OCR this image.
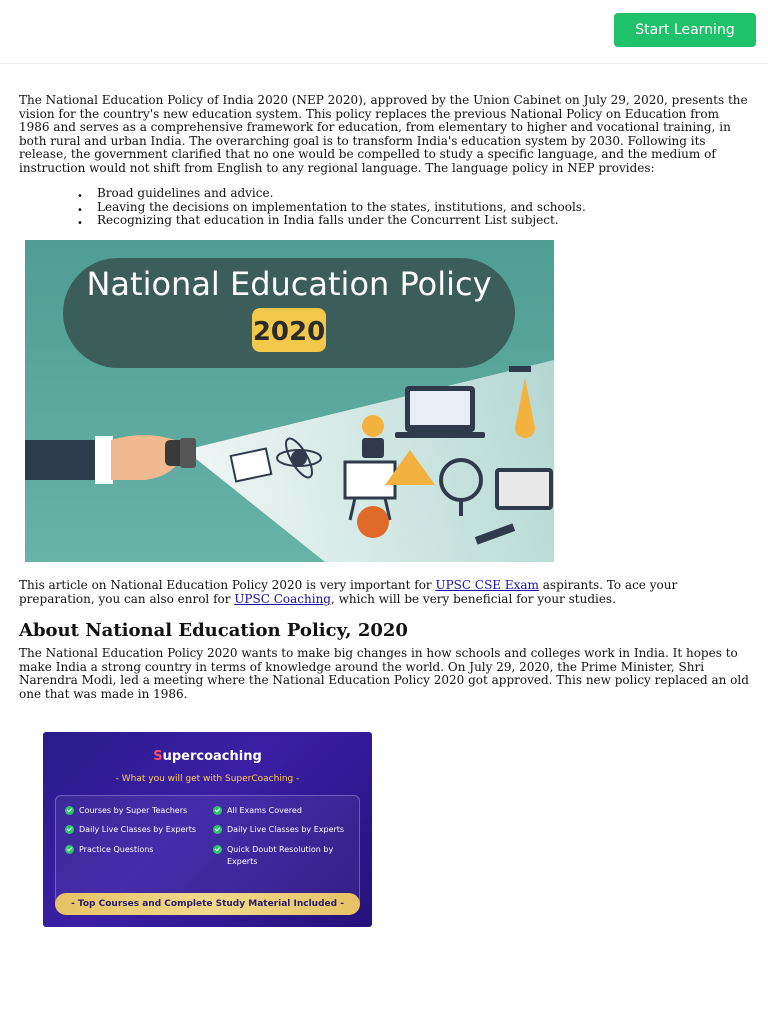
Start Learning

The National Education Policy of India 2020 (NEP 2020), approved by the Union Cabinet on July 29, 2020, presents the vision for the country's new education system. This policy replaces the previous National Policy on Education from 1986 and serves as a comprehensive framework for education, from elementary to higher and vocational training, in both rural and urban India. The overarching goal is to transform India's education system by 2030. Following its release, the government clarified that no one would be compelled to study a specific language, and the medium of instruction would not shift from English to any regional language. The language policy in NEP provides:

• Broad guidelines and advice.
• Leaving the decisions on implementation to the states, institutions, and schools.
• Recognizing that education in India falls under the Concurrent List subject.
National Education Policy
2020

This article on National Education Policy 2020 is very important for UPSC CSE Exam aspirants. To ace your preparation, you can also enrol for UPSC Coaching, which will be very beneficial for your studies.

About National Education Policy, 2020

The National Education Policy 2020 wants to make big changes in how schools and colleges work in India. It hopes to make India a strong country in terms of knowledge around the world. On July 29, 2020, the Prime Minister, Shri Narendra Modi, led a meeting where the National Education Policy 2020 got approved. This new policy replaced an old one that was made in 1986.

Supercoaching
- What you will get with SuperCoaching -
Courses by Super Teachers
Daily Live Classes by Experts
Practice Questions
All Exams Covered
Daily Live Classes by Experts
Quick Doubt Resolution by Experts
- Top Courses and Complete Study Material Included -
